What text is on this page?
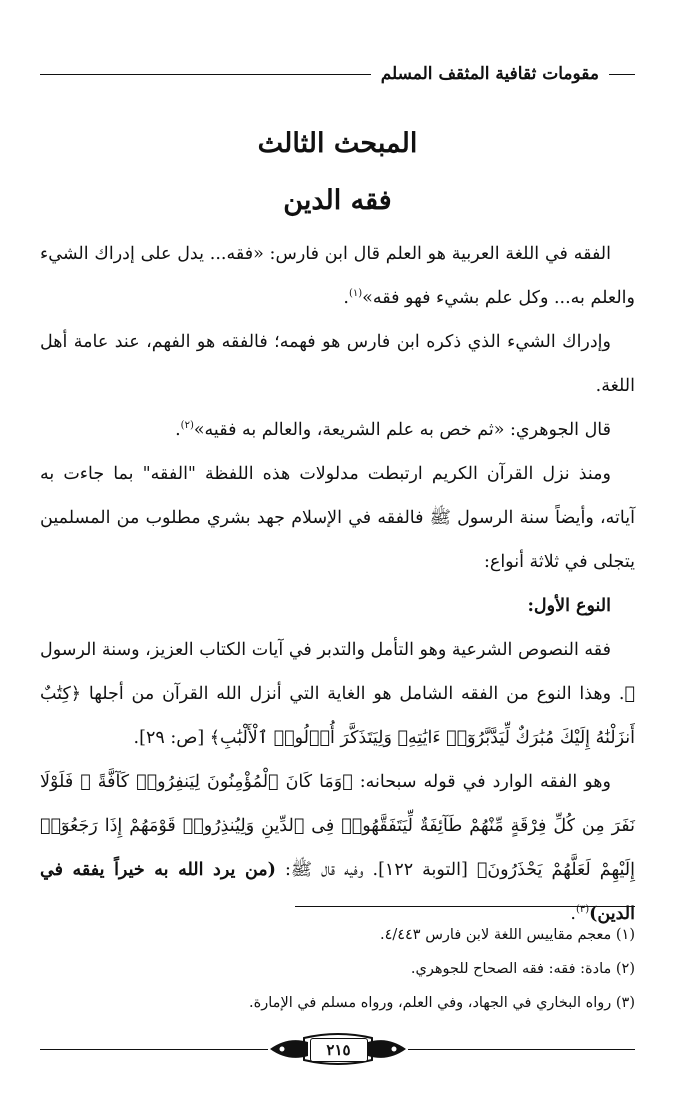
مقومات ثقافية المثقف المسلم
المبحث الثالث
فقه الدين

الفقه في اللغة العربية هو العلم قال ابن فارس: «فقه... يدل على إدراك الشيء والعلم به... وكل علم بشيء فهو فقه»$^{(١)}$.

وإدراك الشيء الذي ذكره ابن فارس هو فهمه؛ فالفقه هو الفهم، عند عامة أهل اللغة.

قال الجوهري: «ثم خص به علم الشريعة، والعالم به فقيه»$^{(٢)}$.

ومنذ نزل القرآن الكريم ارتبطت مدلولات هذه اللفظة "الفقه" بما جاءت به آياته، وأيضاً سنة الرسول ﷺ فالفقه في الإسلام جهد بشري مطلوب من المسلمين يتجلى في ثلاثة أنواع:

النوع الأول:

فقه النصوص الشرعية وهو التأمل والتدبر في آيات الكتاب العزيز، وسنة الرسول ﷺ. وهذا النوع من الفقه الشامل هو الغاية التي أنزل الله القرآن من أجلها ﴿كِتَٰبٌ أَنزَلْنَٰهُ إِلَيْكَ مُبَٰرَكٌ لِّيَدَّبَّرُوٓا۟ ءَايَٰتِهِۦ وَلِيَتَذَكَّرَ أُو۟لُوا۟ ٱلْأَلْبَٰبِ﴾ [ص: ٢٩].

وهو الفقه الوارد في قوله سبحانه: ﴿وَمَا كَانَ ٱلْمُؤْمِنُونَ لِيَنفِرُوا۟ كَآفَّةً ۚ فَلَوْلَا نَفَرَ مِن كُلِّ فِرْقَةٍ مِّنْهُمْ طَآئِفَةٌ لِّيَتَفَقَّهُوا۟ فِى ٱلدِّينِ وَلِيُنذِرُوا۟ قَوْمَهُمْ إِذَا رَجَعُوٓا۟ إِلَيْهِمْ لَعَلَّهُمْ يَحْذَرُونَ﴾ [التوبة ١٢٢]. وفيه قال ﷺ: (من يرد الله به خيراً يفقه في الدين)$^{(٣)}$.

(١) معجم مقاييس اللغة لابن فارس ٤/٤٤٣.
(٢) مادة: فقه: فقه الصحاح للجوهري.
(٣) رواه البخاري في الجهاد، وفي العلم، ورواه مسلم في الإمارة.
٢١٥
